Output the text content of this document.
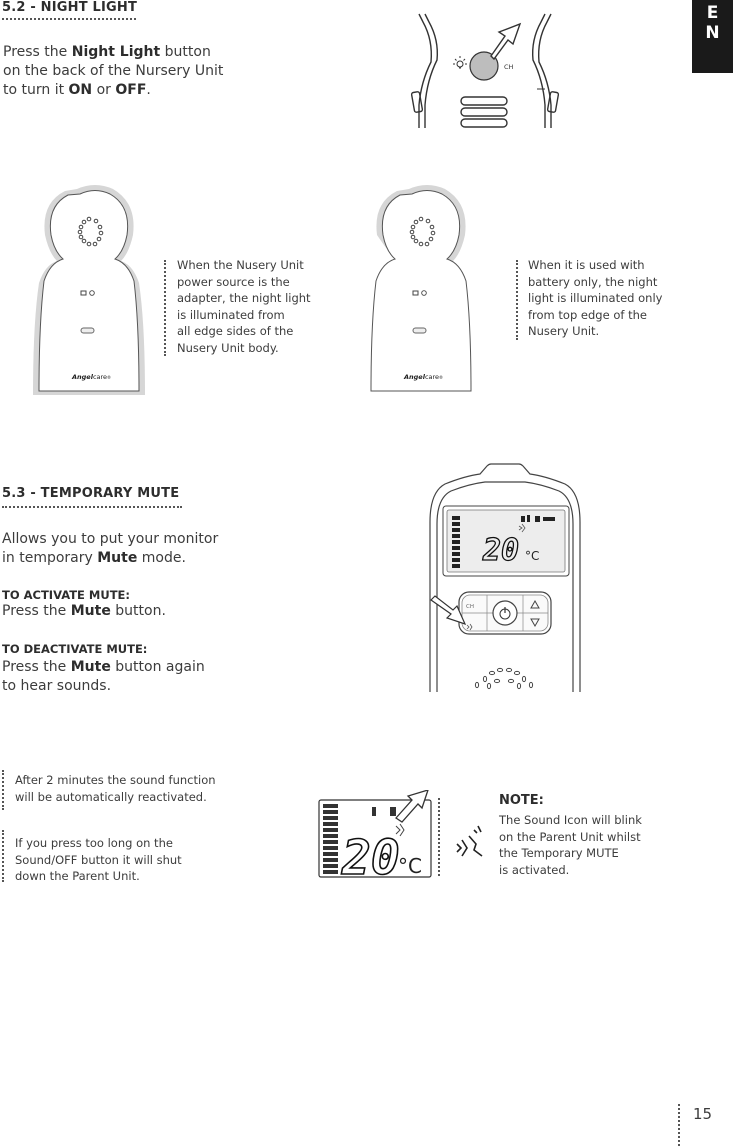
E
N
5.2 - NIGHT LIGHT
Press the Night Light button
on the back of the Nursery Unit
to turn it ON or OFF.
CH
Angelcare®
When the Nusery Unit
power source is the
adapter, the night light
is illuminated from
all edge sides of the
Nusery Unit body.
Angelcare®
When it is used with
battery only, the night
light is illuminated only
from top edge of the
Nusery Unit.
5.3 - TEMPORARY MUTE
Allows you to put your monitor
in temporary Mute mode.
TO ACTIVATE MUTE:
Press the Mute button.
TO DEACTIVATE MUTE:
Press the Mute button again
to hear sounds.
20 °C
CH
After 2 minutes the sound function
will be automatically reactivated.
If you press too long on the
Sound/OFF button it will shut
down the Parent Unit.	20
°C
NOTE:
The Sound Icon will blink
on the Parent Unit whilst
the Temporary MUTE
is activated.
15
